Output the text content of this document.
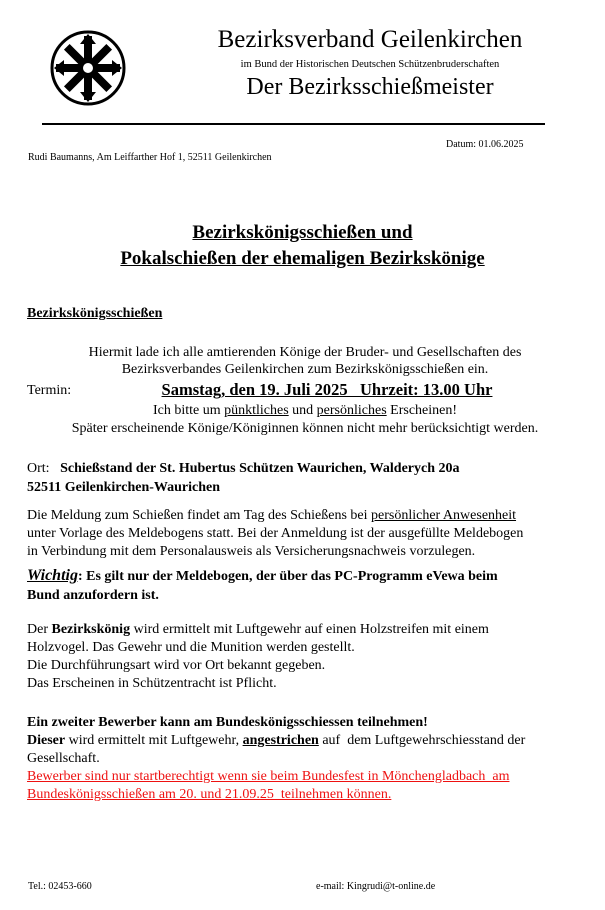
Bezirksverband Geilenkirchen
im Bund der Historischen Deutschen Schützenbruderschaften
Der Bezirksschießmeister
Datum: 01.06.2025
Rudi Baumanns, Am Leiffarther Hof 1, 52511 Geilenkirchen
Bezirkskönigsschießen und
Pokalschießen der ehemaligen Bezirkskönige
Bezirkskönigsschießen
Hiermit lade ich alle amtierenden Könige der Bruder- und Gesellschaften des
Bezirksverbandes Geilenkirchen zum Bezirkskönigsschießen ein.
Termin:	Samstag, den 19. Juli 2025   Uhrzeit: 13.00 Uhr
Ich bitte um pünktliches und persönliches Erscheinen!
Später erscheinende Könige/Königinnen können nicht mehr berücksichtigt werden.
Ort: Schießstand der St. Hubertus Schützen Waurichen, Walderych 20a
52511 Geilenkirchen-Waurichen
Die Meldung zum Schießen findet am Tag des Schießens bei persönlicher Anwesenheit
unter Vorlage des Meldebogens statt. Bei der Anmeldung ist der ausgefüllte Meldebogen
in Verbindung mit dem Personalausweis als Versicherungsnachweis vorzulegen.
Wichtig: Es gilt nur der Meldebogen, der über das PC-Programm eVewa beim
Bund anzufordern ist.
Der Bezirkskönig wird ermittelt mit Luftgewehr auf einen Holzstreifen mit einem
Holzvogel. Das Gewehr und die Munition werden gestellt.
Die Durchführungsart wird vor Ort bekannt gegeben.
Das Erscheinen in Schützentracht ist Pflicht.
Ein zweiter Bewerber kann am Bundeskönigsschiessen teilnehmen!
Dieser wird ermittelt mit Luftgewehr, angestrichen auf  dem Luftgewehrschiesstand der
Gesellschaft.
Bewerber sind nur startberechtigt wenn sie beim Bundesfest in Mönchengladbach  am
Bundeskönigsschießen am 20. und 21.09.25  teilnehmen können.
Tel.: 02453-660	e-mail: Kingrudi@t-online.de
